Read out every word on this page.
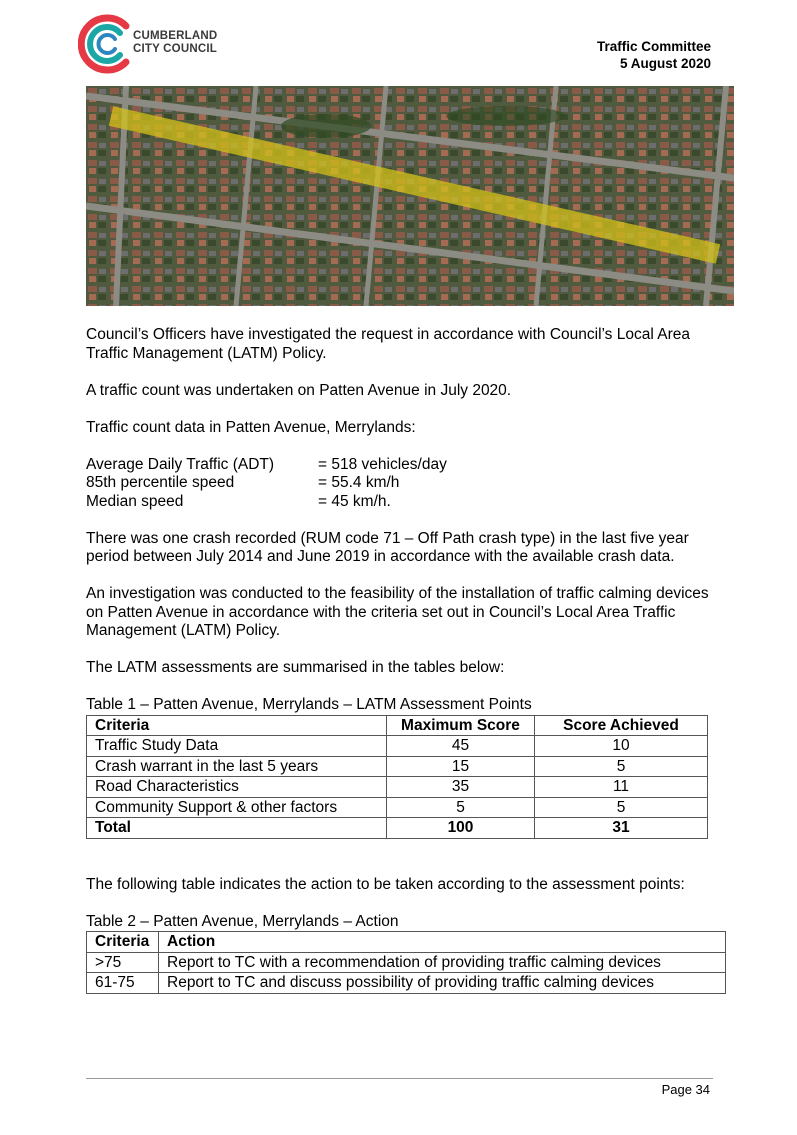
CUMBERLAND
CITY COUNCIL	Traffic Committee
5 August 2020

Council’s Officers have investigated the request in accordance with Council’s Local Area Traffic Management (LATM) Policy.

A traffic count was undertaken on Patten Avenue in July 2020.

Traffic count data in Patten Avenue, Merrylands:

Average Daily Traffic (ADT)	= 518 vehicles/day
85th percentile speed	= 55.4 km/h
Median speed	= 45 km/h.

There was one crash recorded (RUM code 71 – Off Path crash type) in the last five year period between July 2014 and June 2019 in accordance with the available crash data.

An investigation was conducted to the feasibility of the installation of traffic calming devices on Patten Avenue in accordance with the criteria set out in Council’s Local Area Traffic Management (LATM) Policy.

The LATM assessments are summarised in the tables below:

Table 1 – Patten Avenue, Merrylands – LATM Assessment Points
Criteria	Maximum Score	Score Achieved
Traffic Study Data	45	10
Crash warrant in the last 5 years	15	5
Road Characteristics	35	11
Community Support & other factors	5	5
Total	100	31

The following table indicates the action to be taken according to the assessment points:

Table 2 – Patten Avenue, Merrylands – Action
Criteria	Action
>75	Report to TC with a recommendation of providing traffic calming devices
61-75	Report to TC and discuss possibility of providing traffic calming devices
Page 34
